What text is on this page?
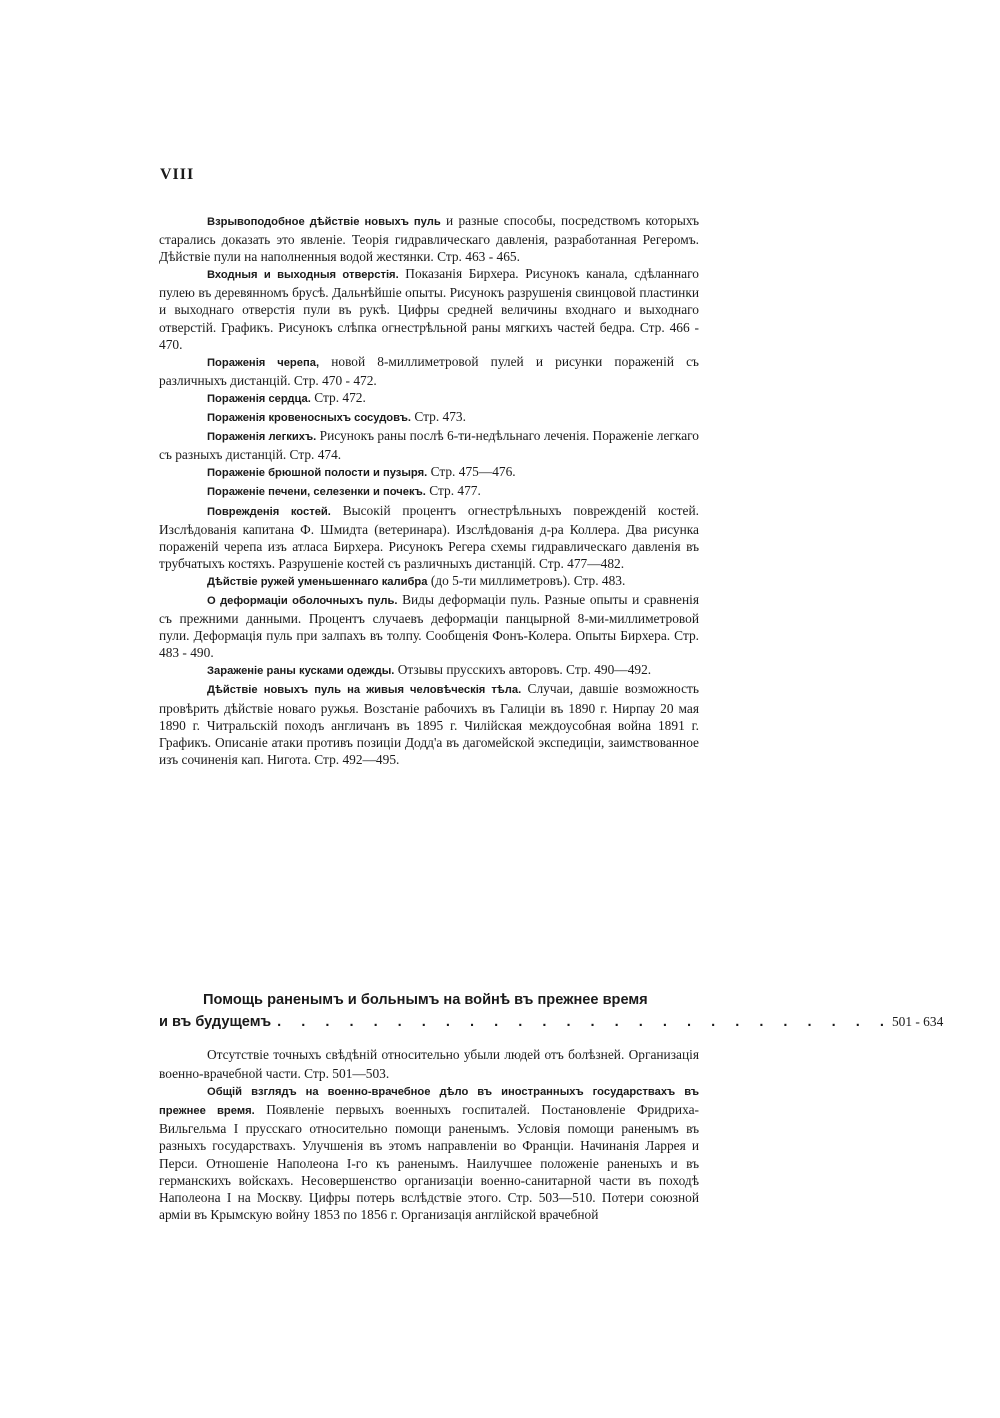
VIII

Взрывоподобное дѣйствіе новыхъ пуль и разные способы, посредствомъ которыхъ старались доказать это явленіе. Теорія гидравлическаго давленія, разработанная Регеромъ. Дѣйствіе пули на наполненныя водой жестянки. Стр. 463 - 465.

Входныя и выходныя отверстія. Показанія Бирхера. Рисунокъ канала, сдѣланнаго пулею въ деревянномъ брусѣ. Дальнѣйшіе опыты. Рисунокъ разрушенія свинцовой пластинки и выходнаго отверстія пули въ рукѣ. Цифры средней величины входнаго и выходнаго отверстій. Графикъ. Рисунокъ слѣпка огнестрѣльной раны мягкихъ частей бедра. Стр. 466 - 470.

Пораженія черепа, новой 8-миллиметровой пулей и рисунки пораженій съ различныхъ дистанцій. Стр. 470 - 472.

Пораженія сердца. Стр. 472.

Пораженія кровеносныхъ сосудовъ. Стр. 473.

Пораженія легкихъ. Рисунокъ раны послѣ 6-ти-недѣльнаго леченія. Пораженіе легкаго съ разныхъ дистанцій. Стр. 474.

Пораженіе брюшной полости и пузыря. Стр. 475—476.

Пораженіе печени, селезенки и почекъ. Стр. 477.

Поврежденія костей. Высокій процентъ огнестрѣльныхъ поврежденій костей. Изслѣдованія капитана Ф. Шмидта (ветеринара). Изслѣдованія д-ра Коллера. Два рисунка пораженій черепа изъ атласа Бирхера. Рисунокъ Регера схемы гидравлическаго давленія въ трубчатыхъ костяхъ. Разрушеніе костей съ различныхъ дистанцій. Стр. 477—482.

Дѣйствіе ружей уменьшеннаго калибра (до 5-ти миллиметровъ). Стр. 483.

О деформаціи оболочныхъ пуль. Виды деформаціи пуль. Разные опыты и сравненія съ прежними данными. Процентъ случаевъ деформаціи панцырной 8-ми-миллиметровой пули. Деформація пуль при залпахъ въ толпу. Сообщенія Фонъ-Колера. Опыты Бирхера. Стр. 483 - 490.

Зараженіе раны кусками одежды. Отзывы прусскихъ авторовъ. Стр. 490—492.

Дѣйствіе новыхъ пуль на живыя человѣческія тѣла. Случаи, давшіе возможность провѣрить дѣйствіе новаго ружья. Возстаніе рабочихъ въ Галиціи въ 1890 г. Нирпау 20 мая 1890 г. Читральскій походъ англичанъ въ 1895 г. Чилійская междоусобная война 1891 г. Графикъ. Описаніе атаки противъ позиціи Додд'а въ дагомейской экспедиціи, заимствованное изъ сочиненія кап. Нигота. Стр. 492—495.

Помощь раненымъ и больнымъ на войнѣ въ прежнее время
и въ будущемъ . . . . . . . . . . . . . . . . . . . . . . . . . . 501 - 634

Отсутствіе точныхъ свѣдѣній относительно убыли людей отъ болѣзней. Организація военно-врачебной части. Стр. 501—503.

Общій взглядъ на военно-врачебное дѣло въ иностранныхъ государствахъ въ прежнее время. Появленіе первыхъ военныхъ госпиталей. Постановленіе Фридриха-Вильгельма I прусскаго относительно помощи раненымъ. Условія помощи раненымъ въ разныхъ государствахъ. Улучшенія въ этомъ направленіи во Франціи. Начинанія Ларрея и Перси. Отношеніе Наполеона I-го къ раненымъ. Наилучшее положеніе раненыхъ и въ германскихъ войскахъ. Несовершенство организаціи военно-санитарной части въ походѣ Наполеона I на Москву. Цифры потерь вслѣдствіе этого. Стр. 503—510. Потери союзной арміи въ Крымскую войну 1853 по 1856 г. Организація англійской врачебной
